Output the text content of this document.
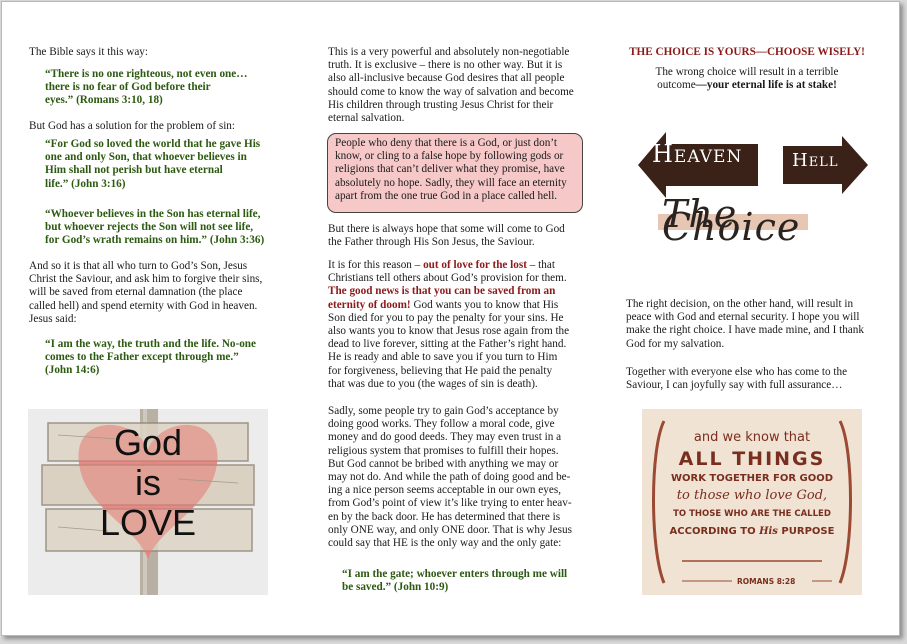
The Bible says it this way:
“There is no one righteous, not even one…
there is no fear of God before their
eyes.” (Romans 3:10, 18)
But God has a solution for the problem of sin:
“For God so loved the world that he gave His
one and only Son, that whoever believes in
Him shall not perish but have eternal
life.” (John 3:16)
“Whoever believes in the Son has eternal life,
but whoever rejects the Son will not see life,
for God’s wrath remains on him.” (John 3:36)
And so it is that all who turn to God’s Son, Jesus
Christ the Saviour, and ask him to forgive their sins,
will be saved from eternal damnation (the place
called hell) and spend eternity with God in heaven.
Jesus said:
“I am the way, the truth and the life. No-one
comes to the Father except through me.”
(John 14:6)
God
is
LOVE
This is a very powerful and absolutely non-negotiable
truth. It is exclusive – there is no other way. But it is
also all-inclusive because God desires that all people
should come to know the way of salvation and become
His children through trusting Jesus Christ for their
eternal salvation.
People who deny that there is a God, or just don’t
know, or cling to a false hope by following gods or
religions that can’t deliver what they promise, have
absolutely no hope. Sadly, they will face an eternity
apart from the one true God in a place called hell.
But there is always hope that some will come to God
the Father through His Son Jesus, the Saviour.
It is for this reason – out of love for the lost – that
Christians tell others about God’s provision for them.
The good news is that you can be saved from an
eternity of doom! God wants you to know that His
Son died for you to pay the penalty for your sins. He
also wants you to know that Jesus rose again from the
dead to live forever, sitting at the Father’s right hand.
He is ready and able to save you if you turn to Him
for forgiveness, believing that He paid the penalty
that was due to you (the wages of sin is death).
Sadly, some people try to gain God’s acceptance by
doing good works. They follow a moral code, give
money and do good deeds. They may even trust in a
religious system that promises to fulfill their hopes.
But God cannot be bribed with anything we may or
may not do. And while the path of doing good and be-
ing a nice person seems acceptable in our own eyes,
from God’s point of view it’s like trying to enter heav-
en by the back door. He has determined that there is
only ONE way, and only ONE door. That is why Jesus
could say that HE is the only way and the only gate:
“I am the gate; whoever enters through me will
be saved.” (John 10:9)
THE CHOICE IS YOURS—CHOOSE WISELY!
The wrong choice will result in a terrible
outcome—your eternal life is at stake!
Heaven	Hell
The Choice
The right decision, on the other hand, will result in
peace with God and eternal security. I hope you will
make the right choice. I have made mine, and I thank
God for my salvation.
Together with everyone else who has come to the
Saviour, I can joyfully say with full assurance…
and we know that
ALL THINGS
WORK TOGETHER FOR GOOD
to those who love God,
TO THOSE WHO ARE THE CALLED
ACCORDING TO His PURPOSE
ROMANS 8:28
